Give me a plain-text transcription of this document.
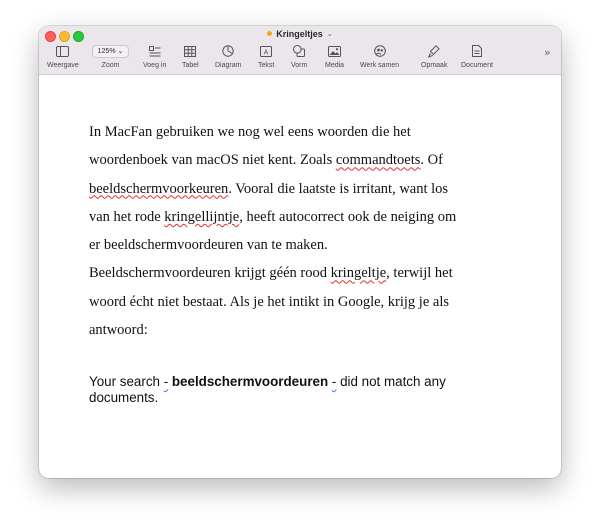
Kringeltjes ⌄
Weergave
125% ⌄
Zoom	Voeg in Tabel Diagram
A
Tekst Vorm	Media Werk samen	Opmaak Document
»
In MacFan gebruiken we nog wel eens woorden die het
woordenboek van macOS niet kent. Zoals commandtoets. Of
beeldschermvoorkeuren. Vooral die laatste is irritant, want los
van het rode kringellijntje, heeft autocorrect ook de neiging om
er beeldschermvoordeuren van te maken.
Beeldschermvoordeuren krijgt géén rood kringeltje, terwijl het
woord écht niet bestaat. Als je het intikt in Google, krijg je als
antwoord:
Your search - beeldschermvoordeuren - did not match any
documents.
